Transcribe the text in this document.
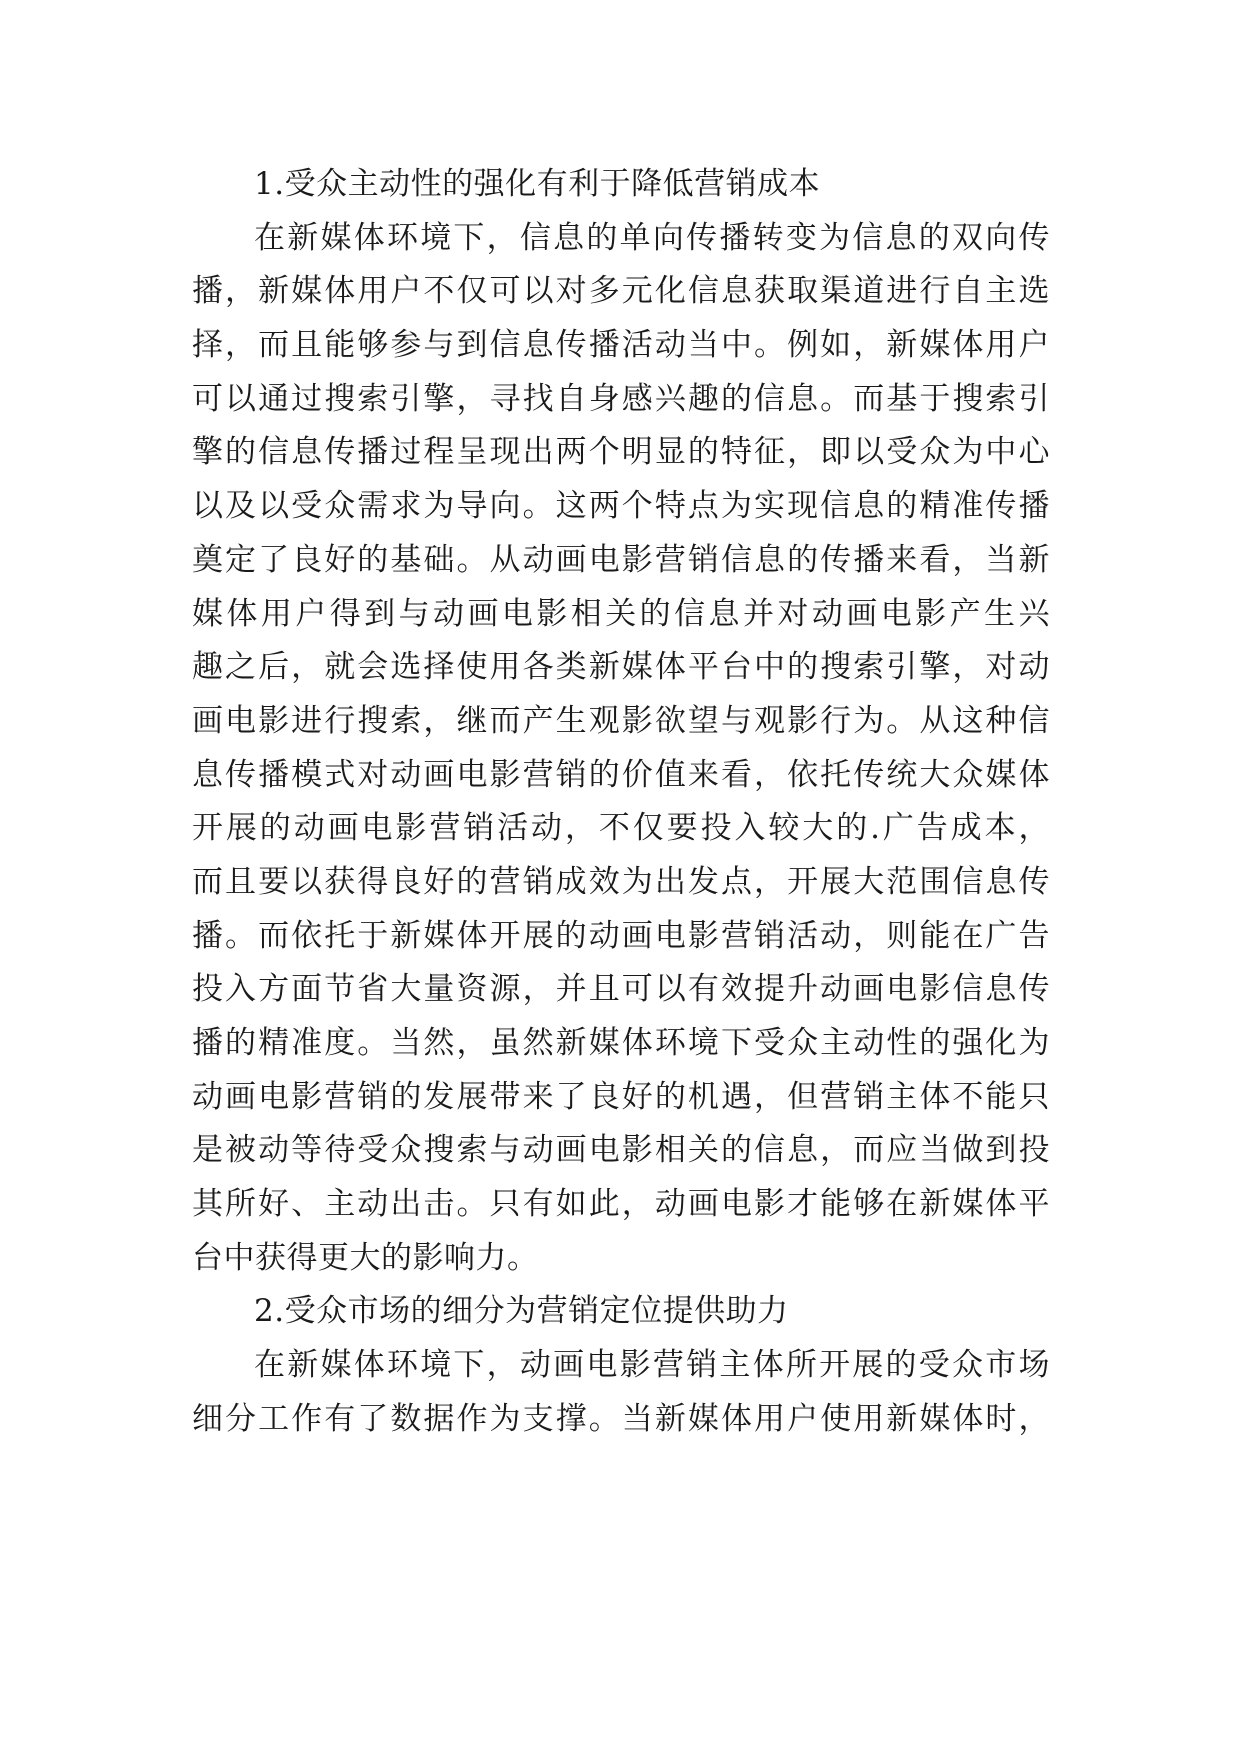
1.受众主动性的强化有利于降低营销成本
在新媒体环境下，信息的单向传播转变为信息的双向传
播，新媒体用户不仅可以对多元化信息获取渠道进行自主选
择，而且能够参与到信息传播活动当中。例如，新媒体用户
可以通过搜索引擎，寻找自身感兴趣的信息。而基于搜索引
擎的信息传播过程呈现出两个明显的特征，即以受众为中心
以及以受众需求为导向。这两个特点为实现信息的精准传播
奠定了良好的基础。从动画电影营销信息的传播来看，当新
媒体用户得到与动画电影相关的信息并对动画电影产生兴
趣之后，就会选择使用各类新媒体平台中的搜索引擎，对动
画电影进行搜索，继而产生观影欲望与观影行为。从这种信
息传播模式对动画电影营销的价值来看，依托传统大众媒体
开展的动画电影营销活动，不仅要投入较大的.广告成本，
而且要以获得良好的营销成效为出发点，开展大范围信息传
播。而依托于新媒体开展的动画电影营销活动，则能在广告
投入方面节省大量资源，并且可以有效提升动画电影信息传
播的精准度。当然，虽然新媒体环境下受众主动性的强化为
动画电影营销的发展带来了良好的机遇，但营销主体不能只
是被动等待受众搜索与动画电影相关的信息，而应当做到投
其所好、主动出击。只有如此，动画电影才能够在新媒体平
台中获得更大的影响力。
2.受众市场的细分为营销定位提供助力
在新媒体环境下，动画电影营销主体所开展的受众市场
细分工作有了数据作为支撑。当新媒体用户使用新媒体时，
